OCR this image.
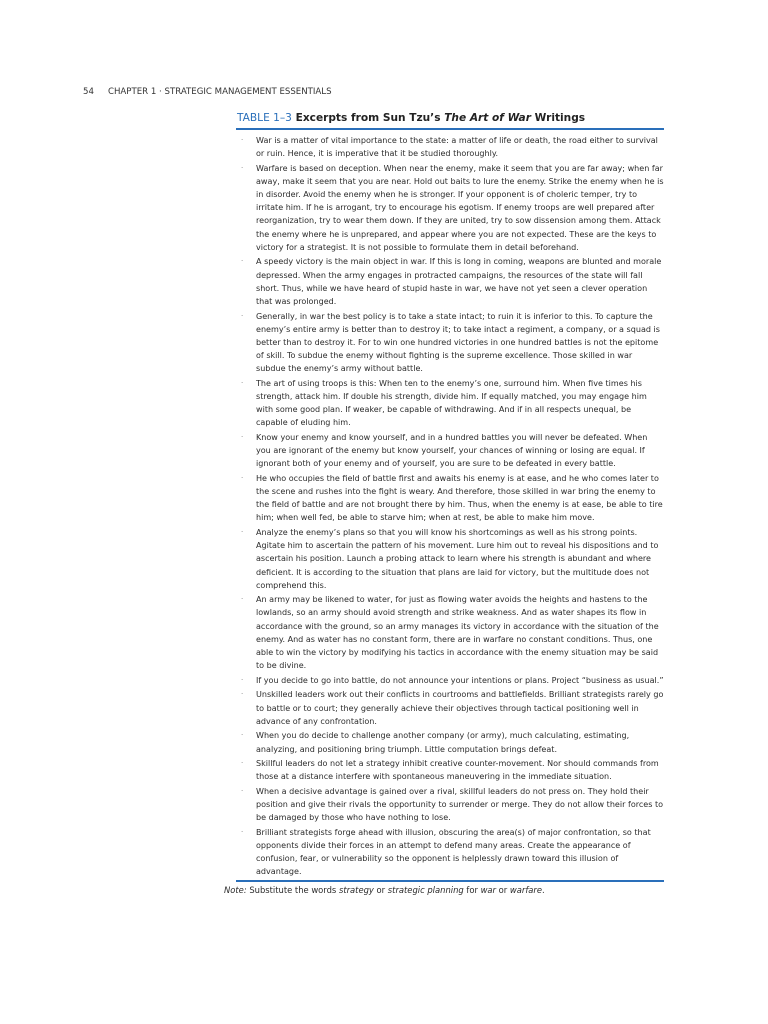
54 CHAPTER 1 · STRATEGIC MANAGEMENT ESSENTIALS
TABLE 1–3 Excerpts from Sun Tzu’s The Art of War Writings
· War is a matter of vital importance to the state: a matter of life or death, the road either to survival or ruin. Hence, it is imperative that it be studied thoroughly.
· Warfare is based on deception. When near the enemy, make it seem that you are far away; when far away, make it seem that you are near. Hold out baits to lure the enemy. Strike the enemy when he is in disorder. Avoid the enemy when he is stronger. If your opponent is of choleric temper, try to irritate him. If he is arrogant, try to encourage his egotism. If enemy troops are well prepared after reorganization, try to wear them down. If they are united, try to sow dissension among them. Attack the enemy where he is unprepared, and appear where you are not expected. These are the keys to victory for a strategist. It is not possible to formulate them in detail beforehand.
· A speedy victory is the main object in war. If this is long in coming, weapons are blunted and morale depressed. When the army engages in protracted campaigns, the resources of the state will fall short. Thus, while we have heard of stupid haste in war, we have not yet seen a clever operation that was prolonged.
· Generally, in war the best policy is to take a state intact; to ruin it is inferior to this. To capture the enemy’s entire army is better than to destroy it; to take intact a regiment, a company, or a squad is better than to destroy it. For to win one hundred victories in one hundred battles is not the epitome of skill. To subdue the enemy without fighting is the supreme excellence. Those skilled in war subdue the enemy’s army without battle.
· The art of using troops is this: When ten to the enemy’s one, surround him. When five times his strength, attack him. If double his strength, divide him. If equally matched, you may engage him with some good plan. If weaker, be capable of withdrawing. And if in all respects unequal, be capable of eluding him.
· Know your enemy and know yourself, and in a hundred battles you will never be defeated. When you are ignorant of the enemy but know yourself, your chances of winning or losing are equal. If ignorant both of your enemy and of yourself, you are sure to be defeated in every battle.
· He who occupies the field of battle first and awaits his enemy is at ease, and he who comes later to the scene and rushes into the fight is weary. And therefore, those skilled in war bring the enemy to the field of battle and are not brought there by him. Thus, when the enemy is at ease, be able to tire him; when well fed, be able to starve him; when at rest, be able to make him move.
· Analyze the enemy’s plans so that you will know his shortcomings as well as his strong points. Agitate him to ascertain the pattern of his movement. Lure him out to reveal his dispositions and to ascertain his position. Launch a probing attack to learn where his strength is abundant and where deficient. It is according to the situation that plans are laid for victory, but the multitude does not comprehend this.
· An army may be likened to water, for just as flowing water avoids the heights and hastens to the lowlands, so an army should avoid strength and strike weakness. And as water shapes its flow in accordance with the ground, so an army manages its victory in accordance with the situation of the enemy. And as water has no constant form, there are in warfare no constant conditions. Thus, one able to win the victory by modifying his tactics in accordance with the enemy situation may be said to be divine.
· If you decide to go into battle, do not announce your intentions or plans. Project “business as usual.”
· Unskilled leaders work out their conflicts in courtrooms and battlefields. Brilliant strategists rarely go to battle or to court; they generally achieve their objectives through tactical positioning well in advance of any confrontation.
· When you do decide to challenge another company (or army), much calculating, estimating, analyzing, and positioning bring triumph. Little computation brings defeat.
· Skillful leaders do not let a strategy inhibit creative counter-movement. Nor should commands from those at a distance interfere with spontaneous maneuvering in the immediate situation.
· When a decisive advantage is gained over a rival, skillful leaders do not press on. They hold their position and give their rivals the opportunity to surrender or merge. They do not allow their forces to be damaged by those who have nothing to lose.
· Brilliant strategists forge ahead with illusion, obscuring the area(s) of major confrontation, so that opponents divide their forces in an attempt to defend many areas. Create the appearance of confusion, fear, or vulnerability so the opponent is helplessly drawn toward this illusion of advantage.
Note: Substitute the words strategy or strategic planning for war or warfare.
